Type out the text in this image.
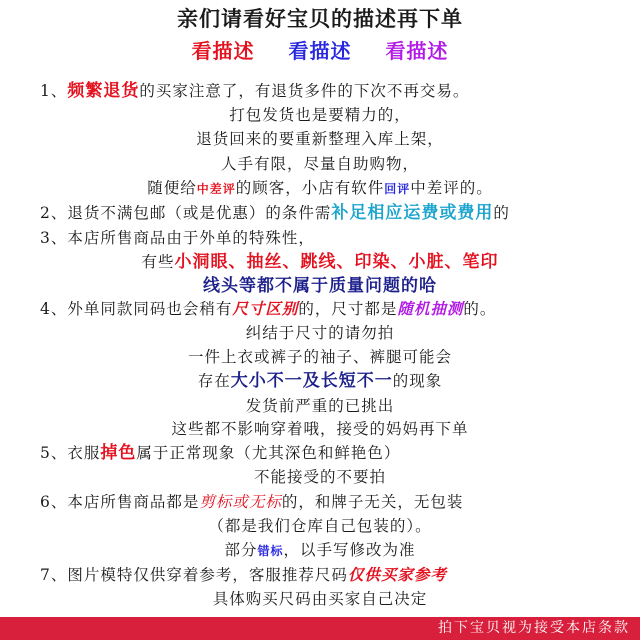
亲们请看好宝贝的描述再下单
看描述 看描述 看描述
1、频繁退货的买家注意了，有退货多件的下次不再交易。
打包发货也是要精力的，
退货回来的要重新整理入库上架，
人手有限，尽量自助购物，
随便给中差评的顾客，小店有软件回评中差评的。
2、退货不满包邮（或是优惠）的条件需补足相应运费或费用的
3、本店所售商品由于外单的特殊性，
有些小洞眼、抽丝、跳线、印染、小脏、笔印
线头等都不属于质量问题的哈
4、外单同款同码也会稍有尺寸区别的，尺寸都是随机抽测的。
纠结于尺寸的请勿拍
一件上衣或裤子的袖子、裤腿可能会
存在大小不一及长短不一的现象
发货前严重的已挑出
这些都不影响穿着哦，接受的妈妈再下单
5、衣服掉色属于正常现象（尤其深色和鲜艳色）
不能接受的不要拍
6、本店所售商品都是剪标或无标的，和牌子无关，无包装
（都是我们仓库自己包装的）。
部分错标，以手写修改为准
7、图片模特仅供穿着参考，客服推荐尺码仅供买家参考
具体购买尺码由买家自己决定
拍下宝贝视为接受本店条款
